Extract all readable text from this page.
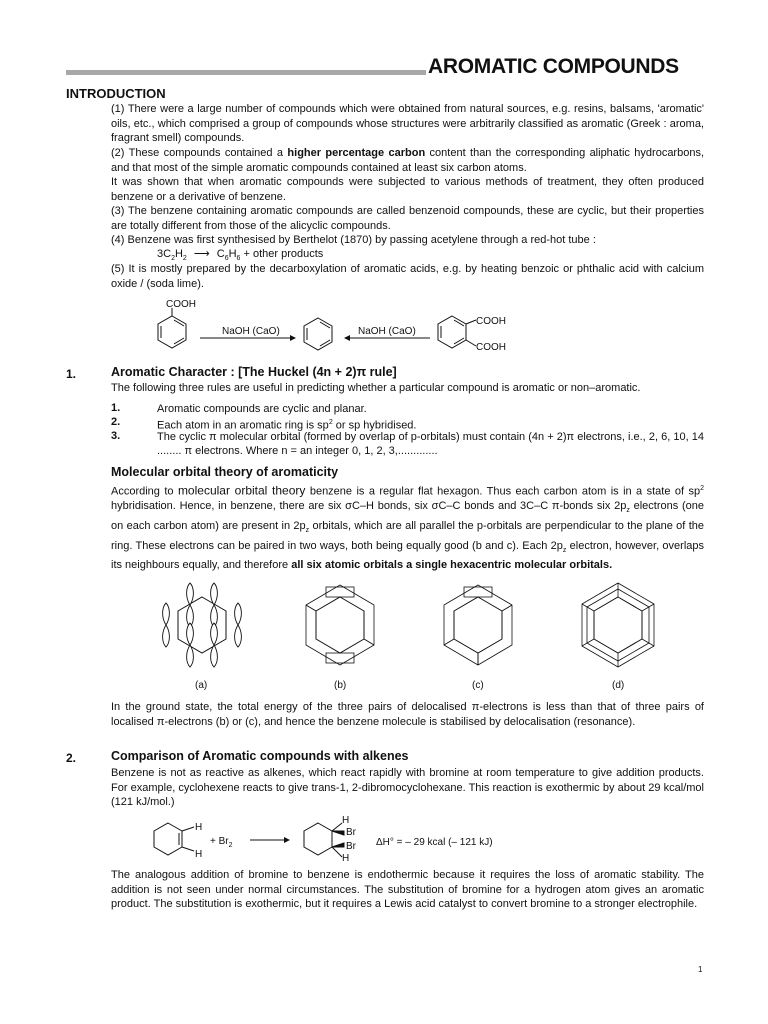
AROMATIC COMPOUNDS
INTRODUCTION

(1) There were a large number of compounds which were obtained from natural sources, e.g. resins, balsams, 'aromatic' oils, etc., which comprised a group of compounds whose structures were arbitrarily classified as aromatic (Greek : aroma, fragrant smell) compounds.

(2) These compounds contained a higher percentage carbon content than the corresponding aliphatic hydrocarbons, and that most of the simple aromatic compounds contained at least six carbon atoms.

It was shown that when aromatic compounds were subjected to various methods of treatment, they often produced benzene or a derivative of benzene.

(3) The benzene containing aromatic compounds are called benzenoid compounds, these are cyclic, but their properties are totally different from those of the alicyclic compounds.

(4) Benzene was first synthesised by Berthelot (1870) by passing acetylene through a red-hot tube :

$3C_2H_2$ ⟶ $C_6H_6$ + other products

(5) It is mostly prepared by the decarboxylation of aromatic acids, e.g. by heating benzoic or phthalic acid with calcium oxide / (soda lime).

COOH
NaOH (CaO)	NaOH (CaO)
COOH
COOH
1.	Aromatic Character : [The Huckel (4n + 2)π rule]

The following three rules are useful in predicting whether a particular compound is aromatic or non–aromatic.

1.	Aromatic compounds are cyclic and planar.
2.	Each atom in an aromatic ring is $sp^2$ or sp hybridised.
3.	The cyclic π molecular orbital (formed by overlap of p-orbitals) must contain (4n + 2)π electrons, i.e., 2, 6, 10, 14 ........ π electrons. Where n = an integer 0, 1, 2, 3,.............
Molecular orbital theory of aromaticity

According to molecular orbital theory benzene is a regular flat hexagon. Thus each carbon atom is in a state of $sp^2$ hybridisation. Hence, in benzene, there are six σC–H bonds, six σC–C bonds and 3C–C π-bonds six $2p_z$ electrons (one on each carbon atom) are present in $2p_z$ orbitals, which are all parallel the p-orbitals are perpendicular to the plane of the ring. These electrons can be paired in two ways, both being equally good (b and c). Each $2p_z$ electron, however, overlaps its neighbours equally, and therefore all six atomic orbitals a single hexacentric molecular orbitals.

(a)	(b)	(c)	(d)

In the ground state, the total energy of the three pairs of delocalised π-electrons is less than that of three pairs of localised π-electrons (b) or (c), and hence the benzene molecule is stabilised by delocalisation (resonance).

2.	Comparison of Aromatic compounds with alkenes

Benzene is not as reactive as alkenes, which react rapidly with bromine at room temperature to give addition products. For example, cyclohexene reacts to give trans-1, 2-dibromocyclohexane. This reaction is exothermic by about 29 kcal/mol (121 kJ/mol.)

H
H
+ $Br_2$
H
Br
Br
H
ΔH° = – 29 kcal (– 121 kJ)

The analogous addition of bromine to benzene is endothermic because it requires the loss of aromatic stability. The addition is not seen under normal circumstances. The substitution of bromine for a hydrogen atom gives an aromatic product. The substitution is exothermic, but it requires a Lewis acid catalyst to convert bromine to a stronger electrophile.

1
